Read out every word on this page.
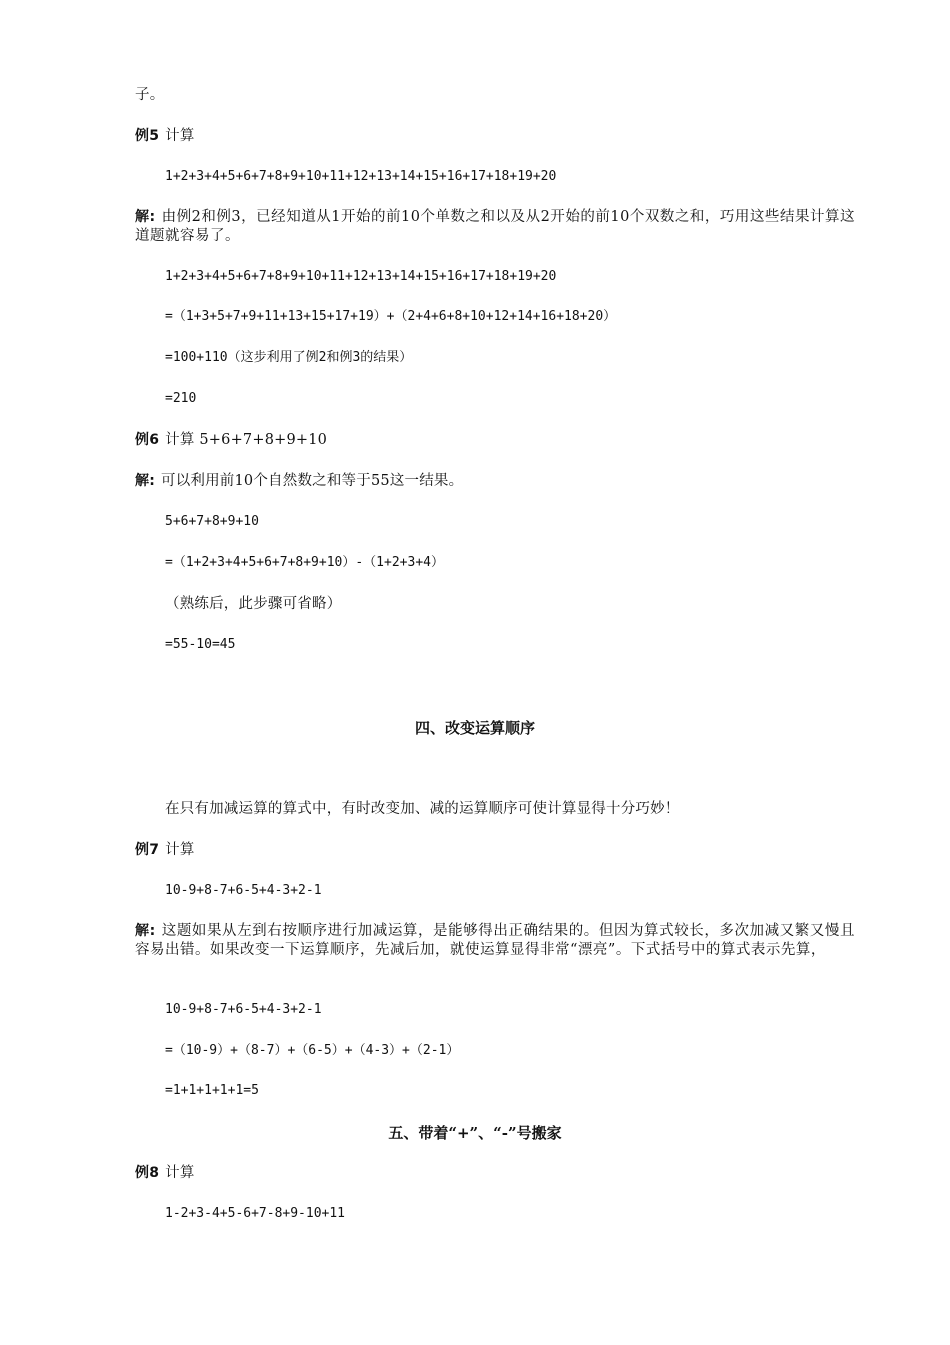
子。
例5 计算
1+2+3+4+5+6+7+8+9+10+11+12+13+14+15+16+17+18+19+20
解: 由例2和例3，已经知道从1开始的前10个单数之和以及从2开始的前10个双数之和，巧用这些结果计算这道题就容易了。
1+2+3+4+5+6+7+8+9+10+11+12+13+14+15+16+17+18+19+20
=（1+3+5+7+9+11+13+15+17+19）+（2+4+6+8+10+12+14+16+18+20）
=100+110（这步利用了例2和例3的结果）
=210
例6 计算 5+6+7+8+9+10
解: 可以利用前10个自然数之和等于55这一结果。
5+6+7+8+9+10
=（1+2+3+4+5+6+7+8+9+10）-（1+2+3+4）
（熟练后，此步骤可省略）
=55-10=45
四、改变运算顺序
在只有加减运算的算式中，有时改变加、减的运算顺序可使计算显得十分巧妙！
例7 计算
10-9+8-7+6-5+4-3+2-1
解: 这题如果从左到右按顺序进行加减运算，是能够得出正确结果的。但因为算式较长，多次加减又繁又慢且容易出错。如果改变一下运算顺序，先减后加，就使运算显得非常“漂亮”。下式括号中的算式表示先算，
10-9+8-7+6-5+4-3+2-1
=（10-9）+（8-7）+（6-5）+（4-3）+（2-1）
=1+1+1+1+1=5
五、带着“+”、“-”号搬家
例8 计算
1-2+3-4+5-6+7-8+9-10+11
